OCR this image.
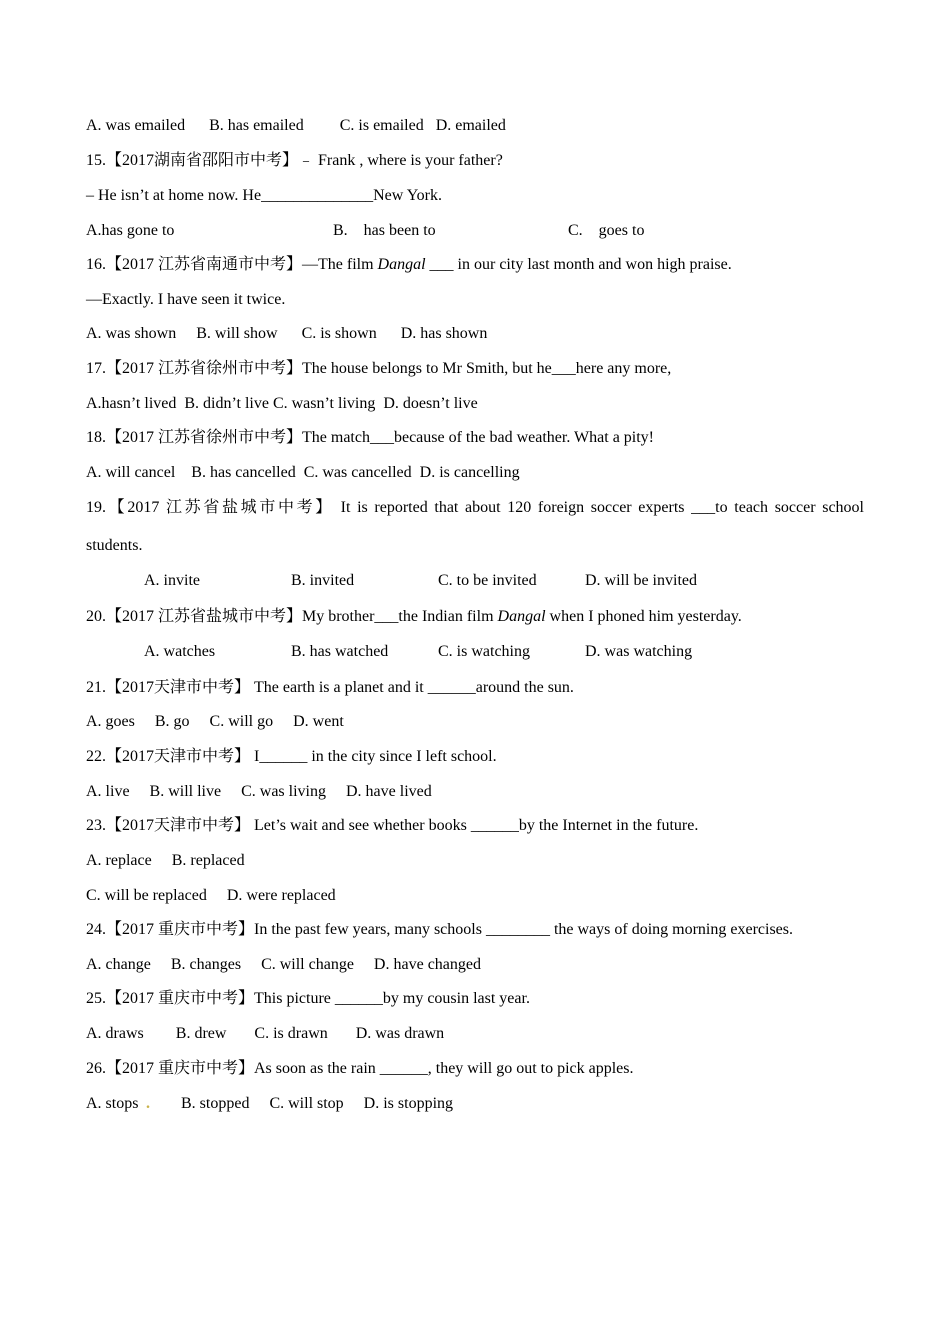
A. was emailed      B. has emailed         C. is emailed   D. emailed
15.【2017湖南省邵阳市中考】﹣ Frank , where is your father?
– He isn’t at home now. He______________New York.
A.has gone to	B.    has been to	C.    goes to
16.【2017 江苏省南通市中考】—The film Dangal ___ in our city last month and won high praise.
—Exactly. I have seen it twice.
A. was shown     B. will show      C. is shown      D. has shown
17.【2017 江苏省徐州市中考】The house belongs to Mr Smith, but he___here any more,
A.hasn’t lived  B. didn’t live C. wasn’t living  D. doesn’t live
18.【2017 江苏省徐州市中考】The match___because of the bad weather. What a pity!
A. will cancel    B. has cancelled  C. was cancelled  D. is cancelling
19.【2017 江苏省盐城市中考】 It is reported that about 120 foreign soccer experts ___to teach soccer school
students.
A. invite	B. invited	C. to be invited	D. will be invited
20.【2017 江苏省盐城市中考】My brother___the Indian film Dangal when I phoned him yesterday.
A. watches	B. has watched	C. is watching	D. was watching
21.【2017天津市中考】 The earth is a planet and it ______around the sun.
A. goes     B. go     C. will go     D. went
22.【2017天津市中考】 I______ in the city since I left school.
A. live     B. will live     C. was living     D. have lived
23.【2017天津市中考】 Let’s wait and see whether books ______by the Internet in the future.
A. replace     B. replaced
C. will be replaced     D. were replaced
24.【2017 重庆市中考】In the past few years, many schools ________ the ways of doing morning exercises.
A. change     B. changes     C. will change     D. have changed
25.【2017 重庆市中考】This picture ______by my cousin last year.
A. draws        B. drew       C. is drawn       D. was drawn
26.【2017 重庆市中考】As soon as the rain ______, they will go out to pick apples.
A. stops . B. stopped     C. will stop     D. is stopping
